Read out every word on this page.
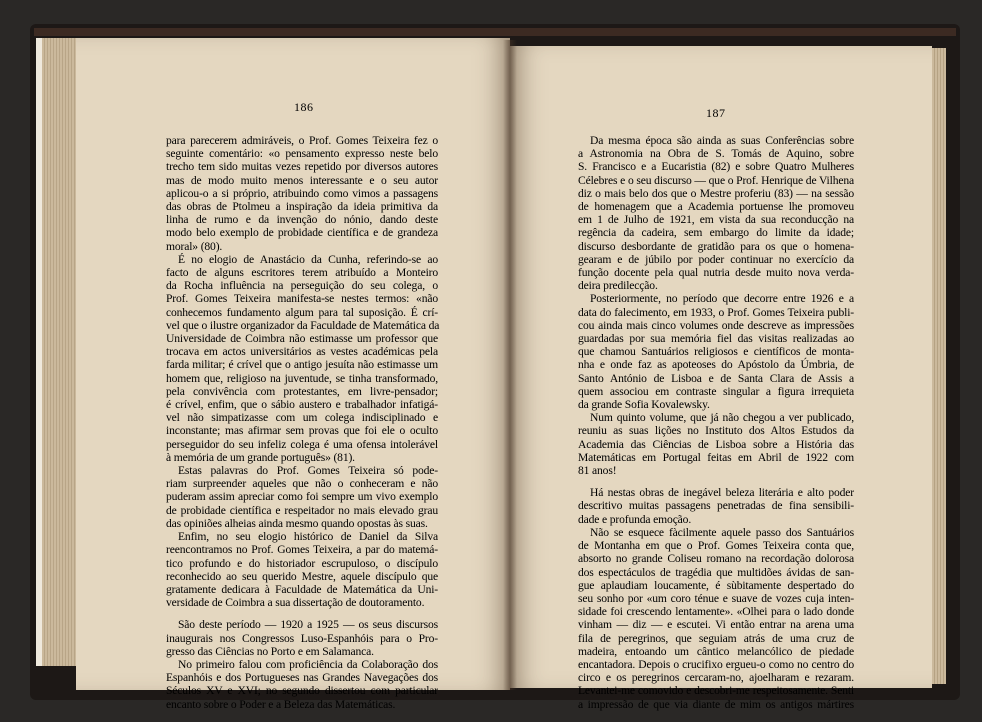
186	187

para parecerem admiráveis, o Prof. Gomes Teixeira fez o

seguinte comentário: «o pensamento expresso neste belo

trecho tem sido muitas vezes repetido por diversos autores

mas de modo muito menos interessante e o seu autor

aplicou-o a si próprio, atribuindo como vimos a passagens

das obras de Ptolmeu a inspiração da ideia primitiva da

linha de rumo e da invenção do nónio, dando deste

modo belo exemplo de probidade científica e de grandeza

moral» (80).

É no elogio de Anastácio da Cunha, referindo-se ao

facto de alguns escritores terem atribuído a Monteiro

da Rocha influência na perseguição do seu colega, o

Prof. Gomes Teixeira manifesta-se nestes termos: «não

conhecemos fundamento algum para tal suposição. É crí-

vel que o ilustre organizador da Faculdade de Matemática da

Universidade de Coimbra não estimasse um professor que

trocava em actos universitários as vestes académicas pela

farda militar; é crível que o antigo jesuíta não estimasse um

homem que, religioso na juventude, se tinha transformado,

pela convivência com protestantes, em livre-pensador;

é crível, enfim, que o sábio austero e trabalhador infatigá-

vel não simpatizasse com um colega indisciplinado e

inconstante; mas afirmar sem provas que foi ele o oculto

perseguidor do seu infeliz colega é uma ofensa intolerável

à memória de um grande português» (81).

Estas palavras do Prof. Gomes Teixeira só pode-

riam surpreender aqueles que não o conheceram e não

puderam assim apreciar como foi sempre um vivo exemplo

de probidade científica e respeitador no mais elevado grau

das opiniões alheias ainda mesmo quando opostas às suas.

Enfim, no seu elogio histórico de Daniel da Silva

reencontramos no Prof. Gomes Teixeira, a par do matemá-

tico profundo e do historiador escrupuloso, o discípulo

reconhecido ao seu querido Mestre, aquele discípulo que

gratamente dedicara à Faculdade de Matemática da Uni-

versidade de Coimbra a sua dissertação de doutoramento.

São deste período — 1920 a 1925 — os seus discursos

inaugurais nos Congressos Luso-Espanhóis para o Pro-

gresso das Ciências no Porto e em Salamanca.

No primeiro falou com proficiência da Colaboração dos

Espanhóis e dos Portugueses nas Grandes Navegações dos

Séculos XV e XVI; no segundo dissertou com particular

encanto sobre o Poder e a Beleza das Matemáticas.

Da mesma época são ainda as suas Conferências sobre

a Astronomia na Obra de S. Tomás de Aquino, sobre

S. Francisco e a Eucaristia (82) e sobre Quatro Mulheres

Célebres e o seu discurso — que o Prof. Henrique de Vilhena

diz o mais belo dos que o Mestre proferiu (83) — na sessão

de homenagem que a Academia portuense lhe promoveu

em 1 de Julho de 1921, em vista da sua reconducção na

regência da cadeira, sem embargo do limite da idade;

discurso desbordante de gratidão para os que o homena-

gearam e de júbilo por poder continuar no exercício da

função docente pela qual nutria desde muito nova verda-

deira predilecção.

Posteriormente, no período que decorre entre 1926 e a

data do falecimento, em 1933, o Prof. Gomes Teixeira publi-

cou ainda mais cinco volumes onde descreve as impressões

guardadas por sua memória fiel das visitas realizadas ao

que chamou Santuários religiosos e científicos de monta-

nha e onde faz as apoteoses do Apóstolo da Úmbria, de

Santo António de Lisboa e de Santa Clara de Assis a

quem associou em contraste singular a figura irrequieta

da grande Sofia Kovalewsky.

Num quinto volume, que já não chegou a ver publicado,

reuniu as suas lições no Instituto dos Altos Estudos da

Academia das Ciências de Lisboa sobre a História das

Matemáticas em Portugal feitas em Abril de 1922 com

81 anos!

Há nestas obras de inegável beleza literária e alto poder

descritivo muitas passagens penetradas de fina sensibili-

dade e profunda emoção.

Não se esquece fàcilmente aquele passo dos Santuários

de Montanha em que o Prof. Gomes Teixeira conta que,

absorto no grande Coliseu romano na recordação dolorosa

dos espectáculos de tragédia que multidões ávidas de san-

gue aplaudiam loucamente, é sùbitamente despertado do

seu sonho por «um coro ténue e suave de vozes cuja inten-

sidade foi crescendo lentamente». «Olhei para o lado donde

vinham — diz — e escutei. Vi então entrar na arena uma

fila de peregrinos, que seguiam atrás de uma cruz de

madeira, entoando um cântico melancólico de piedade

encantadora. Depois o crucifixo ergueu-o como no centro do

circo e os peregrinos cercaram-no, ajoelharam e rezaram.

Levantei-me comovido e descobri-me respeitosamente. Senti

a impressão de que via diante de mim os antigos mártires
